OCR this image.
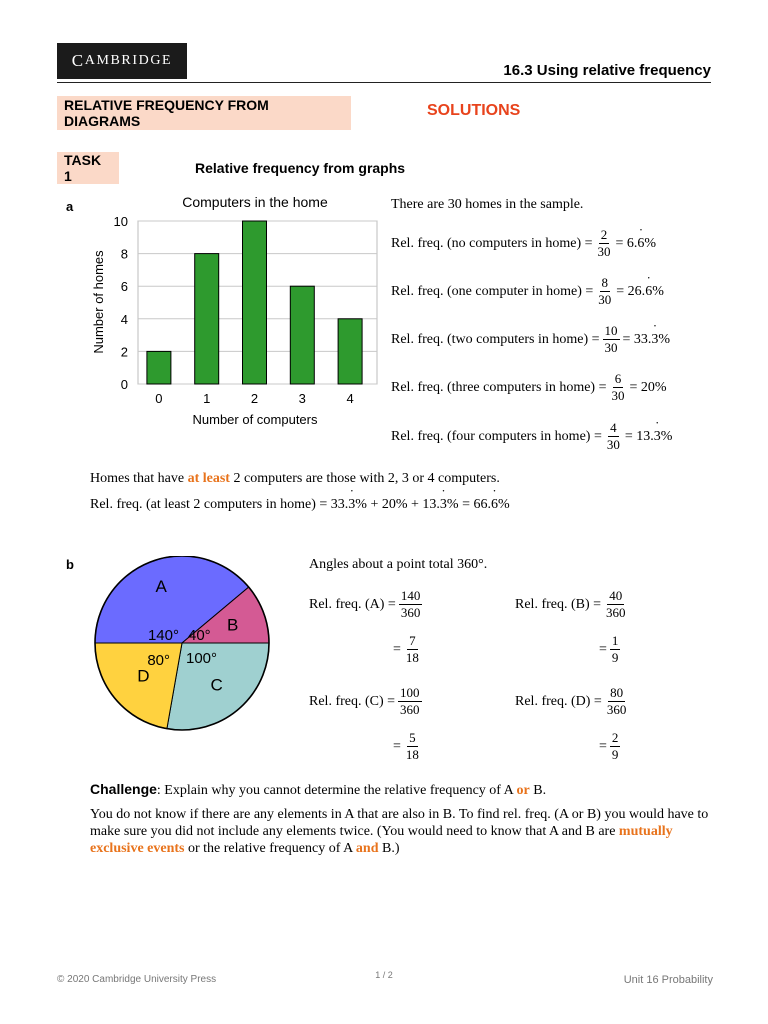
C AMBRIDGE
16.3 Using relative frequency
RELATIVE FREQUENCY FROM DIAGRAMS
SOLUTIONS
TASK 1	Relative frequency from graphs
a	Computers in the home
Number of computers
Number of homes
0
2
4
6
8
10
0	1	2	3	4
There are 30 homes in the sample.
Rel. freq. (no computers in home) = $\frac{2}{30} = 6.6$ ˙%
Rel. freq. (one computer in home) = $\frac{8}{30} = 26.6$ ˙%
Rel. freq. (two computers in home) = $\frac{10}{30} = 33.3$ ˙%
Rel. freq. (three computers in home) = $\frac{6}{30} = 20\%$
Rel. freq. (four computers in home) = $\frac{4}{30} = 13.3$ ˙%
Homes that have at least 2 computers are those with 2, 3 or 4 computers.
Rel. freq. (at least 2 computers in home) = 33.3 ˙% + 20% + 13.3 ˙% = 66.6 ˙%
b
A
B
C
D
140° 40°
100°
80°
Angles about a point total 360°.
Rel. freq. $(A) = \frac{140}{360}$
= $\frac{7}{18}$
Rel. freq. $(B) = \frac{40}{360}$
= $\frac{1}{9}$
Rel. freq. $(C) = \frac{100}{360}$
= $\frac{5}{18}$
Rel. freq. $(D) = \frac{80}{360}$
= $\frac{2}{9}$
Challenge: Explain why you cannot determine the relative frequency of A or B.
You do not know if there are any elements in A that are also in B. To find rel. freq. (A or B) you would have to make sure you did not include any elements twice. (You would need to know that A and B are mutually exclusive events or the relative frequency of A and B.)
© 2020 Cambridge University Press	1 / 2	Unit 16 Probability
